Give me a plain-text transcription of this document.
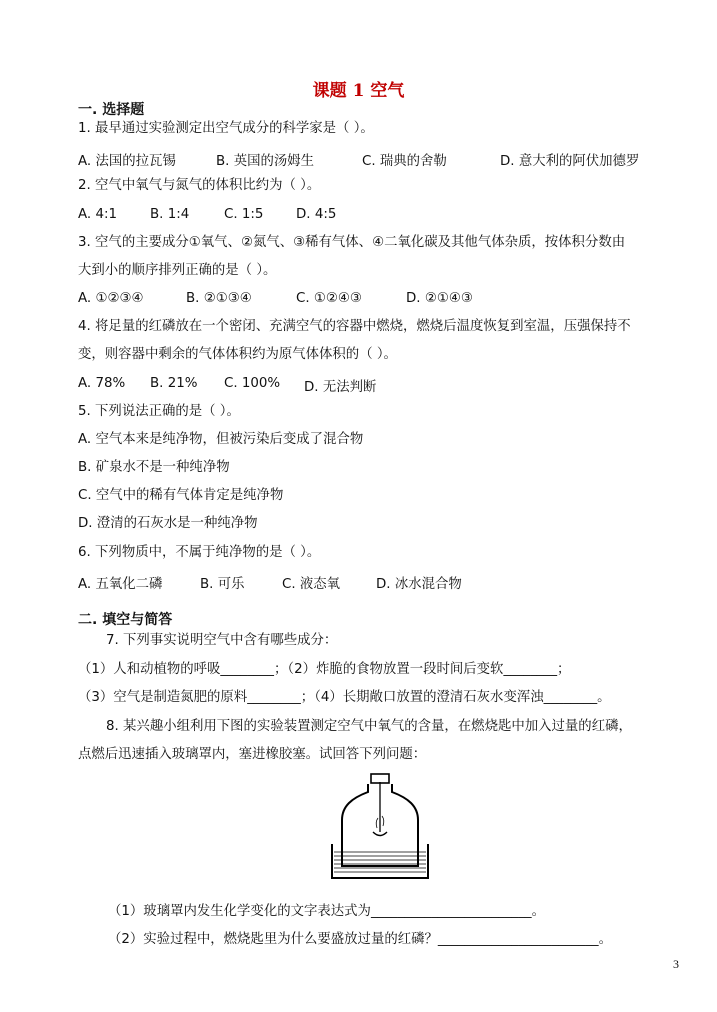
课题 1 空气
一. 选择题
1. 最早通过实验测定出空气成分的科学家是（ ）。
A. 法国的拉瓦锡	B. 英国的汤姆生	C. 瑞典的舍勒	D. 意大利的阿伏加德罗
2. 空气中氧气与氮气的体积比约为（ ）。
A. 4:1 B. 1:4	C. 1:5 D. 4:5
3. 空气的主要成分①氧气、②氮气、③稀有气体、④二氧化碳及其他气体杂质，按体积分数由
大到小的顺序排列正确的是（ ）。
A. ①②③④	B. ②①③④	C. ①②④③	D. ②①④③
4. 将足量的红磷放在一个密闭、充满空气的容器中燃烧，燃烧后温度恢复到室温，压强保持不
变，则容器中剩余的气体体积约为原气体体积的（ ）。
A. 78% B. 21% C. 100% D. 无法判断
5. 下列说法正确的是（ ）。
A. 空气本来是纯净物，但被污染后变成了混合物
B. 矿泉水不是一种纯净物
C. 空气中的稀有气体肯定是纯净物
D. 澄清的石灰水是一种纯净物
6. 下列物质中，不属于纯净物的是（ ）。
A. 五氧化二磷	B. 可乐	C. 液态氧	D. 冰水混合物
二. 填空与简答
7. 下列事实说明空气中含有哪些成分：
（1）人和动植物的呼吸________；（2）炸脆的食物放置一段时间后变软________；
（3）空气是制造氮肥的原料________；（4）长期敞口放置的澄清石灰水变浑浊________。
8. 某兴趣小组利用下图的实验装置测定空气中氧气的含量，在燃烧匙中加入过量的红磷，
点燃后迅速插入玻璃罩内，塞进橡胶塞。试回答下列问题：
（1）玻璃罩内发生化学变化的文字表达式为________________________。
（2）实验过程中，燃烧匙里为什么要盛放过量的红磷？________________________。
3
